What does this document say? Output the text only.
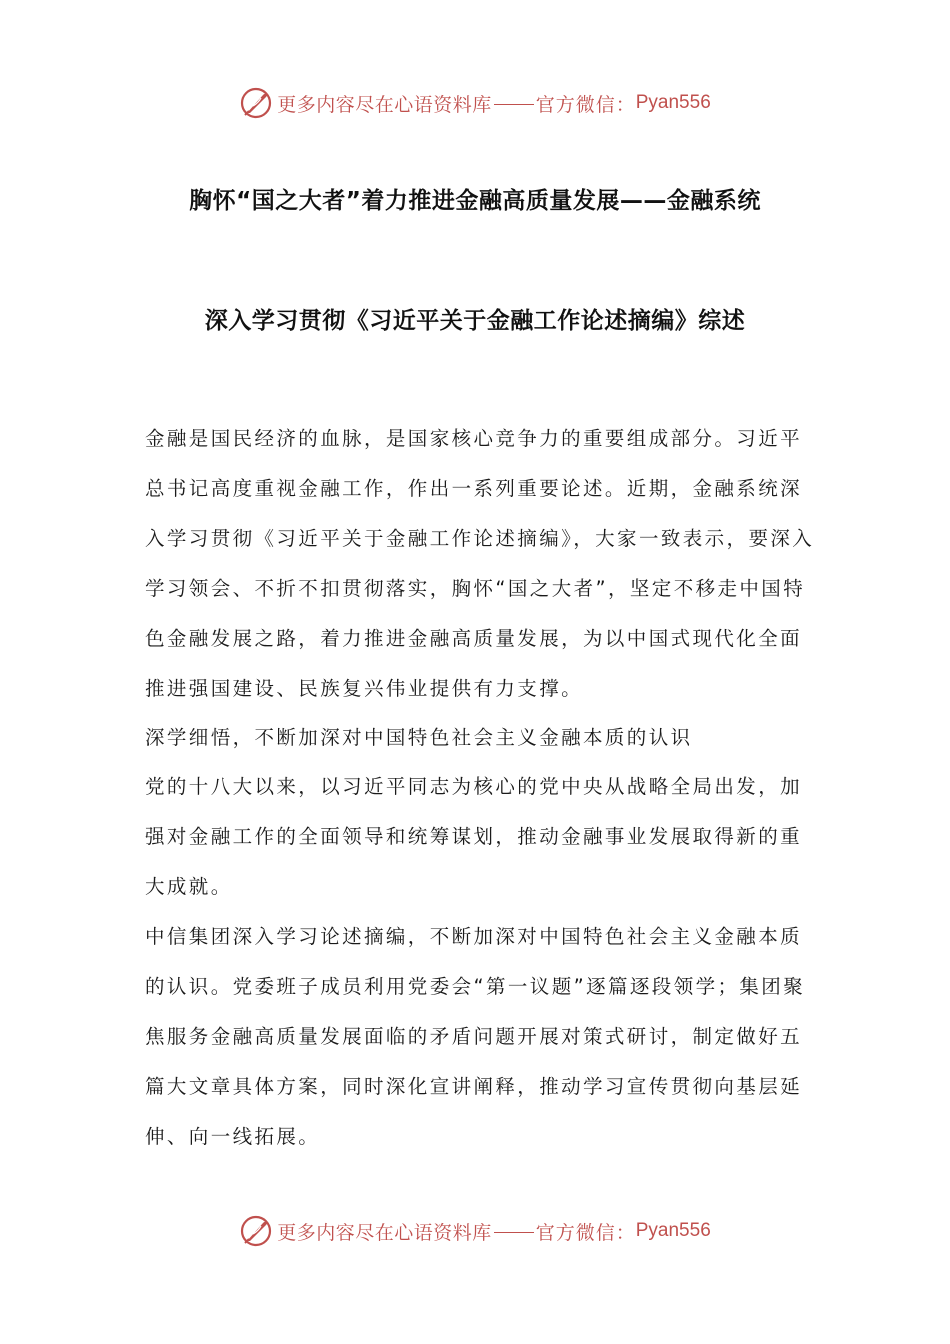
更多内容尽在心语资料库 官方微信： Pyan556
胸怀“国之大者”着力推进金融高质量发展——金融系统
深入学习贯彻《习近平关于金融工作论述摘编》综述

金融是国民经济的血脉，是国家核心竞争力的重要组成部分。习近平总书记高度重视金融工作，作出一系列重要论述。近期，金融系统深入学习贯彻《习近平关于金融工作论述摘编》，大家一致表示，要深入学习领会、不折不扣贯彻落实，胸怀“国之大者”，坚定不移走中国特色金融发展之路，着力推进金融高质量发展，为以中国式现代化全面推进强国建设、民族复兴伟业提供有力支撑。

深学细悟，不断加深对中国特色社会主义金融本质的认识

党的十八大以来，以习近平同志为核心的党中央从战略全局出发，加强对金融工作的全面领导和统筹谋划，推动金融事业发展取得新的重大成就。

中信集团深入学习论述摘编，不断加深对中国特色社会主义金融本质的认识。党委班子成员利用党委会“第一议题”逐篇逐段领学；集团聚焦服务金融高质量发展面临的矛盾问题开展对策式研讨，制定做好五篇大文章具体方案，同时深化宣讲阐释，推动学习宣传贯彻向基层延伸、向一线拓展。

更多内容尽在心语资料库 官方微信： Pyan556
